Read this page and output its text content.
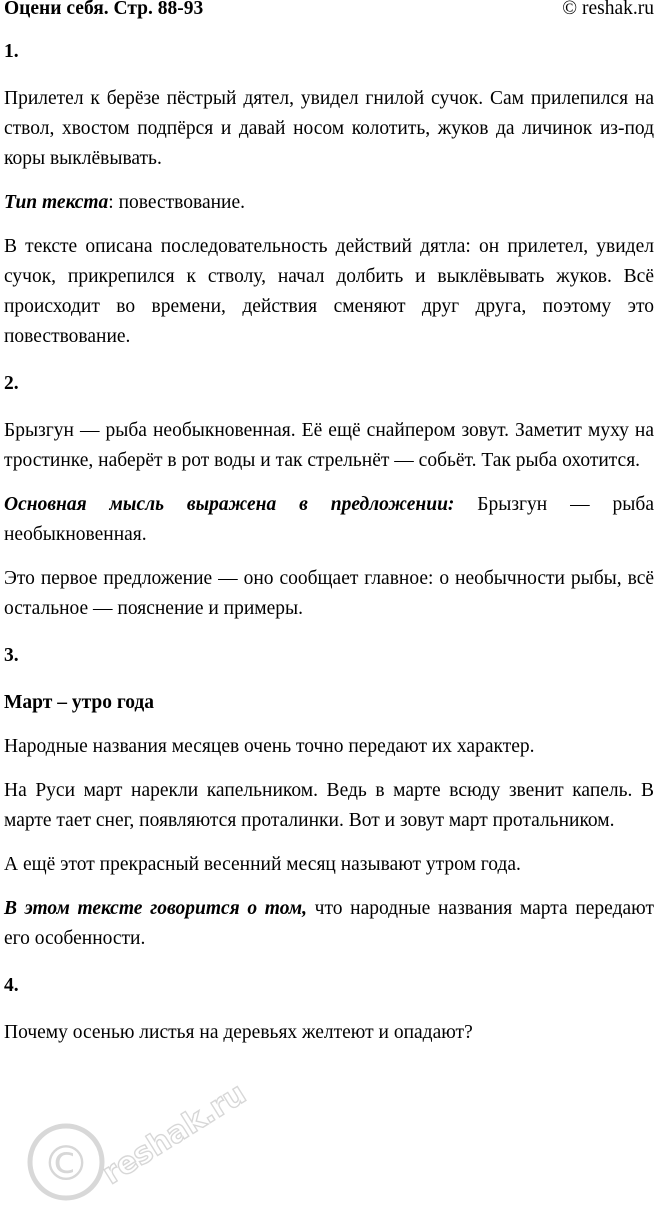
Оцени себя. Стр. 88-93	© reshak.ru
1.

Прилетел к берёзе пёстрый дятел, увидел гнилой сучок. Сам прилепился на ствол, хвостом подпёрся и давай носом колотить, жуков да личинок из-под коры выклёвывать.

Тип текста: повествование.

В тексте описана последовательность действий дятла: он прилетел, увидел сучок, прикрепился к стволу, начал долбить и выклёвывать жуков. Всё происходит во времени, действия сменяют друг друга, поэтому это повествование.

2.

Брызгун — рыба необыкновенная. Её ещё снайпером зовут. Заметит муху на тростинке, наберёт в рот воды и так стрельнёт — собьёт. Так рыба охотится.

Основная мысль выражена в предложении: Брызгун — рыба необыкновенная.

Это первое предложение — оно сообщает главное: о необычности рыбы, всё остальное — пояснение и примеры.

3.

Март – утро года

Народные названия месяцев очень точно передают их характер.

На Руси март нарекли капельником. Ведь в марте всюду звенит капель. В марте тает снег, появляются проталинки. Вот и зовут март протальником.

А ещё этот прекрасный весенний месяц называют утром года.

В этом тексте говорится о том, что народные названия марта передают его особенности.

4.

Почему осенью листья на деревьях желтеют и опадают?

© reshak.ru
